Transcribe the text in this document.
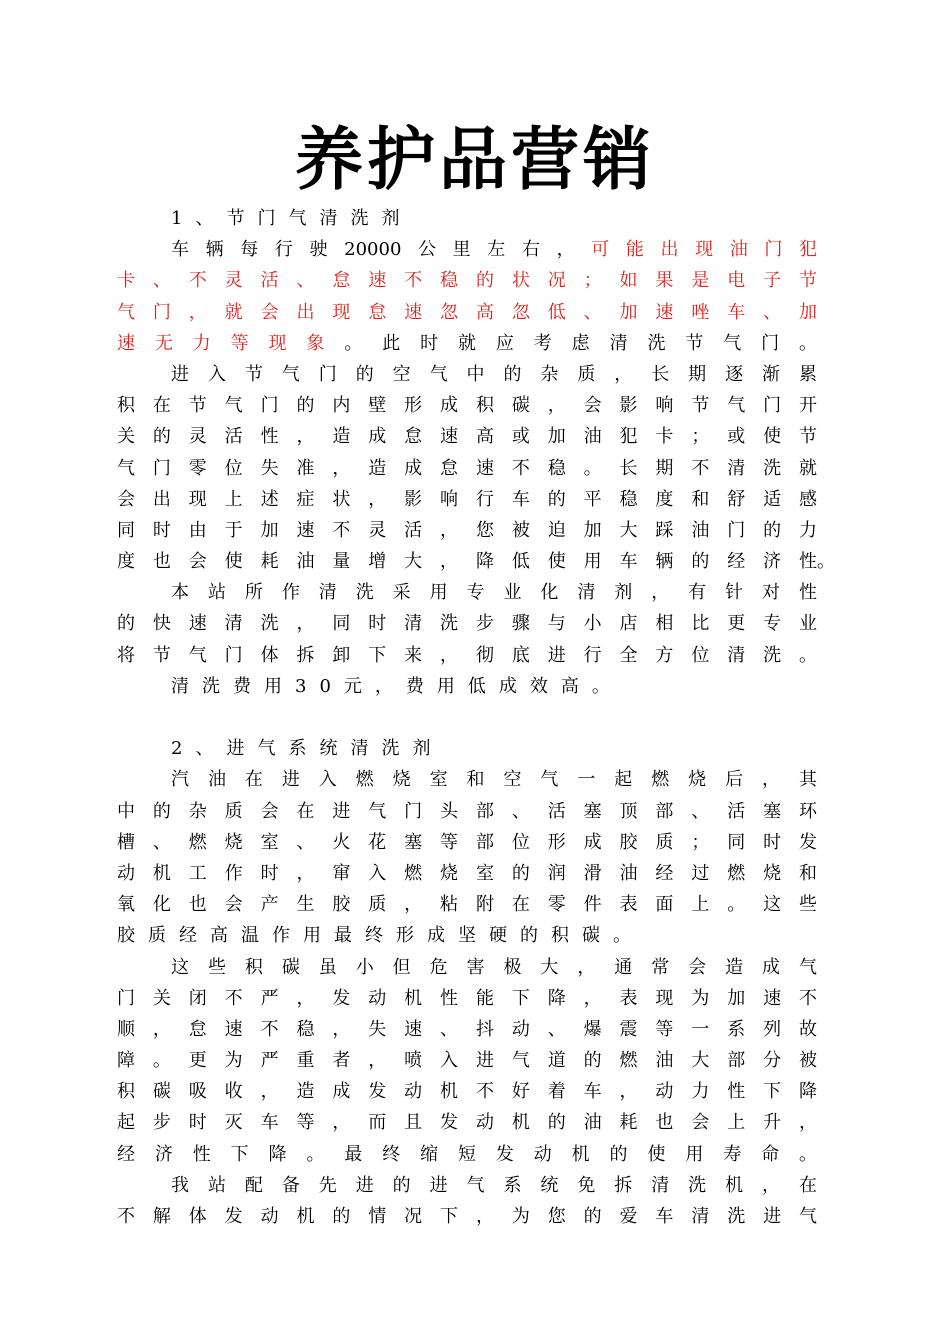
养护品营销
1、节门气清洗剂
车辆每行驶20000公里左右，可能出现油门犯
卡、不灵活、怠速不稳的状况；如果是电子节
气门，就会出现怠速忽高忽低、加速唑车、加
速无力等现象。此时就应考虑清洗节气门。
进入节气门的空气中的杂质，长期逐渐累
积在节气门的内壁形成积碳，会影响节气门开
关的灵活性，造成怠速高或加油犯卡；或使节
气门零位失准，造成怠速不稳。长期不清洗就
会出现上述症状，影响行车的平稳度和舒适感
同时由于加速不灵活，您被迫加大踩油门的力
度也会使耗油量增大，降低使用车辆的经济性 。
本站所作清洗采用专业化清剂，有针对性
的快速清洗，同时清洗步骤与小店相比更专业
将节气门体拆卸下来，彻底进行全方位清洗。
清洗费用30元，费用低成效高。
2、进气系统清洗剂
汽油在进入燃烧室和空气一起燃烧后，其
中的杂质会在进气门头部、活塞顶部、活塞环
槽、燃烧室、火花塞等部位形成胶质；同时发
动机工作时，窜入燃烧室的润滑油经过燃烧和
氧化也会产生胶质，粘附在零件表面上。这些
胶质经高温作用最终形成坚硬的积碳。
这些积碳虽小但危害极大，通常会造成气
门关闭不严，发动机性能下降，表现为加速不
顺，怠速不稳，失速、抖动、爆震等一系列故
障。更为严重者，喷入进气道的燃油大部分被
积碳吸收，造成发动机不好着车，动力性下降
起步时灭车等，而且发动机的油耗也会上升，
经济性下降。最终缩短发动机的使用寿命。
我站配备先进的进气系统免拆清洗机，在
不解体发动机的情况下，为您的爱车清洗进气
